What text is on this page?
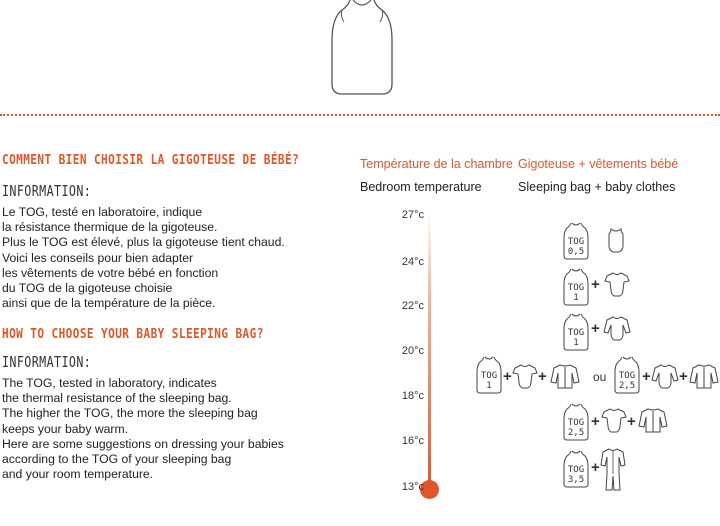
COMMENT BIEN CHOISIR LA GIGOTEUSE DE BÉBÉ?
INFORMATION:
Le TOG, testé en laboratoire, indique
la résistance thermique de la gigoteuse.
Plus le TOG est élevé, plus la gigoteuse tient chaud.
Voici les conseils pour bien adapter
les vêtements de votre bébé en fonction
du TOG de la gigoteuse choisie
ainsi que de la température de la pièce.
HOW TO CHOOSE YOUR BABY SLEEPING BAG?
INFORMATION:
The TOG, tested in laboratory, indicates
the thermal resistance of the sleeping bag.
The higher the TOG, the more the sleeping bag
keeps your baby warm.
Here are some suggestions on dressing your babies
according to the TOG of your sleeping bag
and your room temperature.
Température de la chambre
Bedroom temperature
Gigoteuse + vêtements bébé
Sleeping bag + baby clothes
27°c
24°c
22°c
20°c
18°c
16°c
13°c
TOG
0,5
TOG
1
+
TOG
1
+
TOG
1
+ +	ou TOG
2,5
+ +
TOG
2,5
+ +
TOG
3,5
+
